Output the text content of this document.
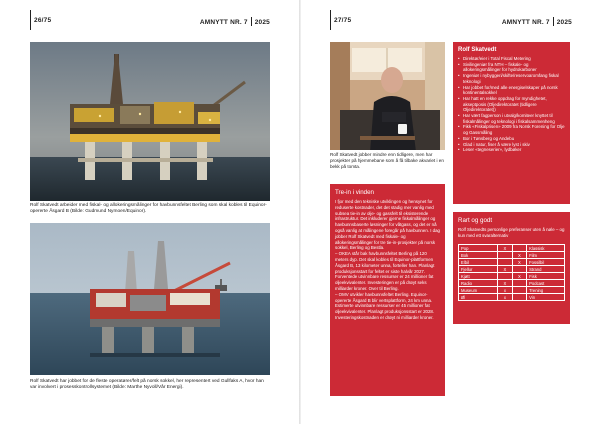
26/75	AMNYTT NR. 7 2025
Rolf Skatvedt arbeider med fiskal- og allokeringsmålinger for havbunnsfeltet Berling som skal kobles til Equinor-opererte Åsgard B (Bilde: Gudmund Nymoen/Equinor).
Rolf Skatvedt har jobbet for de fleste operatører/felt på norsk sokkel, her representert ved Gullfaks A, hvor han var involvert i prosesskontrollsystemet (Bilde: Marthe Nyvoll/Vår Energi).
27/75	AMNYTT NR. 7 2025
Rolf Skatvedt jobber mindre enn tidligere, men har prosjekter på hjemmebane som å få tilbake akvariet i en bekk på tomta.
Rolf Skatvedt
• Direktør/eier i Total Fiscal Metering
• Sivilingeniør fra NTH – fiskale- og allokeringsmålinger for hydrokarboner
• Ingeniør i nybyggeri/skifte/reservoaromfang fiskal teknologi
• Har jobbet for/med alle energiselskaper på norsk kontinentalsokkel
• Har hatt en rekke oppdrag for myndighetet, akseptposis (Oljedirektoratet (tidligere Oljedirektoratet))
• Har vært fagperson i utvalg/komiteer knyttet til fiskalmålinger og teknologi i fiskalsammenheng
• Fikk «Fiskalprisen» 2009 fra Norsk Forening for Olje og Gassmåling
• Bor i Tønsberg og Andebu
• Glad i natur, fiser å være lyst i skiv
• Leser «tegneserier», lydbøker
Tre-in i vinden

I fjor med den tekniske utviklingen og hensynet for reduserte kostnader, det det stadig mer vanlig med subsea tie-in av olje- og gassfelt til eksisterende infrastruktur. Det inkluderer gjerne fiskalmålinger og havbunnsbaserte løsninger for våtgass, og det er nå også vanlig at målingene foregår på havbunnen. I dag jobber Rolf Skatvedt med fiskale- og allokeringsmålinger for tre tie-in-prosjekter på norsk sokkel, Berling og Bestla.

– OKEA står bak havbunnsfeltet Berling på 120 meters dyp. Det skal kobles til Equinor-plattformen Åsgard B, 13 kilometer unna, forteller han. Planlagt produksjonsstart for feltet er siste halvår 2027. Forventede utvinnbare ressurser er 24 millioner fat oljeekvivalenter. Investeringen er på drøyt seks milliarder kroner. Over til Berling.

– OMV utvikler havbunnsfeltet Berling. Equinor-opererte Åsgard B blir vertsplattform, 24 km unna. Estimerte utvinnbare ressurser er 45 millioner fat oljeekvivalenter. Planlagt produksjonsstart er 2028. Investeringskostnaden er drøyt ni milliarder kroner.

Rart og godt
Rolf Skatvedts personlige preferanser uten å nøle – og kun med ett svaralternativ
Pop	X		Klassisk
Bok		X	Film
Elbil		X	Fossilbil
Fjellur	X		Strand
Kjøtt		X	Fisk
Radio	X		Podcast
Museum	x		Trening
Øl	x		Vin
